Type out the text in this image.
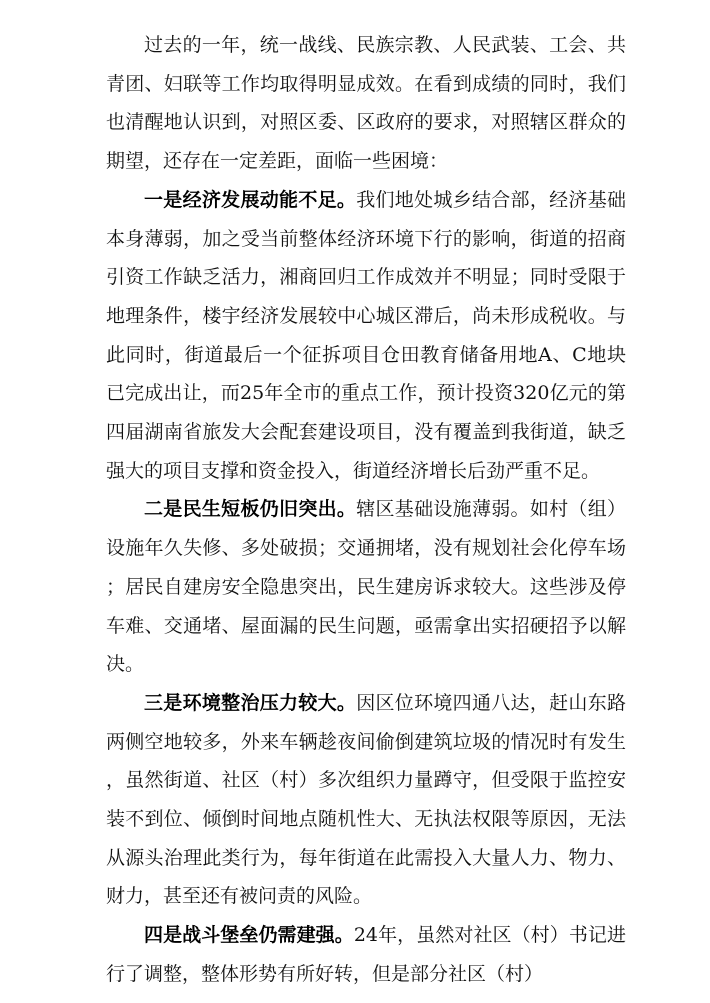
过去的一年，统一战线、民族宗教、人民武装、工会、共青团、妇联等工作均取得明显成效。在看到成绩的同时，我们也清醒地认识到，对照区委、区政府的要求，对照辖区群众的期望，还存在一定差距，面临一些困境：

一是经济发展动能不足。我们地处城乡结合部，经济基础本身薄弱，加之受当前整体经济环境下行的影响，街道的招商引资工作缺乏活力，湘商回归工作成效并不明显；同时受限于地理条件，楼宇经济发展较中心城区滞后，尚未形成税收。与此同时，街道最后一个征拆项目仓田教育储备用地A、C地块已完成出让，而25年全市的重点工作，预计投资320亿元的第四届湖南省旅发大会配套建设项目，没有覆盖到我街道，缺乏强大的项目支撑和资金投入，街道经济增长后劲严重不足。

二是民生短板仍旧突出。辖区基础设施薄弱。如村（组）设施年久失修、多处破损；交通拥堵，没有规划社会化停车场；居民自建房安全隐患突出，民生建房诉求较大。这些涉及停车难、交通堵、屋面漏的民生问题，亟需拿出实招硬招予以解决。

三是环境整治压力较大。因区位环境四通八达，赶山东路两侧空地较多，外来车辆趁夜间偷倒建筑垃圾的情况时有发生，虽然街道、社区（村）多次组织力量蹲守，但受限于监控安装不到位、倾倒时间地点随机性大、无执法权限等原因，无法从源头治理此类行为，每年街道在此需投入大量人力、物力、财力，甚至还有被问责的风险。

四是战斗堡垒仍需建强。24年，虽然对社区（村）书记进行了调整，整体形势有所好转，但是部分社区（村）
